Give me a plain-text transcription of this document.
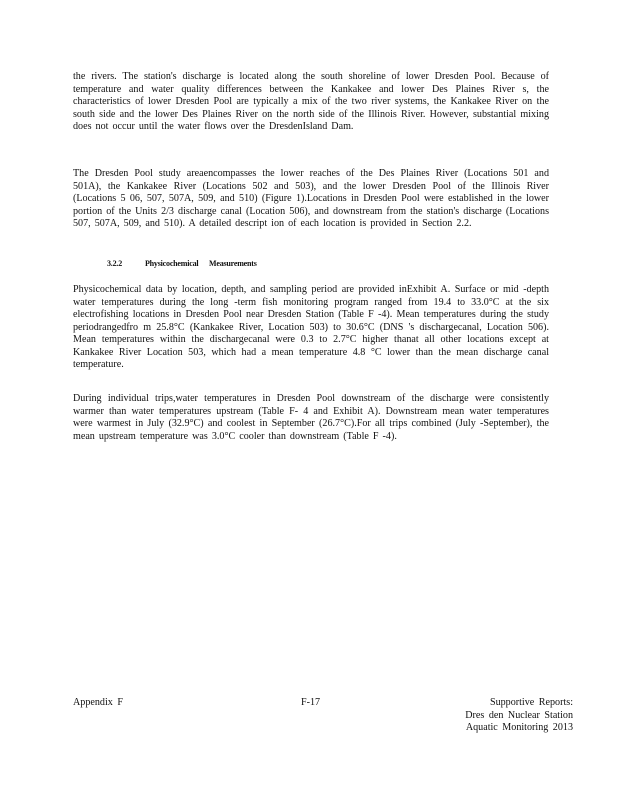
the rivers. The station's discharge is located along the south shoreline of lower Dresden Pool. Because of temperature and water quality differences between the Kankakee and lower Des Plaines River s, the characteristics of lower Dresden Pool are typically a mix of the two river systems, the Kankakee River on the south side and the lower Des Plaines River on the north side of the Illinois River. However, substantial mixing does not occur until the water flows over the DresdenIsland Dam.

The Dresden Pool study areaencompasses the lower reaches of the Des Plaines River (Locations 501 and 501A), the Kankakee River (Locations 502 and 503), and the lower Dresden Pool of the Illinois River (Locations 5 06, 507, 507A, 509, and 510) (Figure 1).Locations in Dresden Pool were established in the lower portion of the Units 2/3 discharge canal (Location 506), and downstream from the station's discharge (Locations 507, 507A, 509, and 510). A detailed descript ion of each location is provided in Section 2.2.

3.2.2	Physicochemical Measurements

Physicochemical data by location, depth, and sampling period are provided inExhibit A. Surface or mid -depth water temperatures during the long -term fish monitoring program ranged from 19.4 to 33.0°C at the six electrofishing locations in Dresden Pool near Dresden Station (Table F -4). Mean temperatures during the study periodrangedfro m 25.8°C (Kankakee River, Location 503) to 30.6°C (DNS 's dischargecanal, Location 506). Mean temperatures within the dischargecanal were 0.3 to 2.7°C higher thanat all other locations except at Kankakee River Location 503, which had a mean temperature 4.8 °C lower than the mean discharge canal temperature.

During individual trips,water temperatures in Dresden Pool downstream of the discharge were consistently warmer than water temperatures upstream (Table F- 4 and Exhibit A). Downstream mean water temperatures were warmest in July (32.9°C) and coolest in September (26.7°C).For all trips combined (July -September), the mean upstream temperature was 3.0°C cooler than downstream (Table F -4).

Appendix F	F-17	Supportive Reports:
Dres den Nuclear Station
Aquatic Monitoring 2013
